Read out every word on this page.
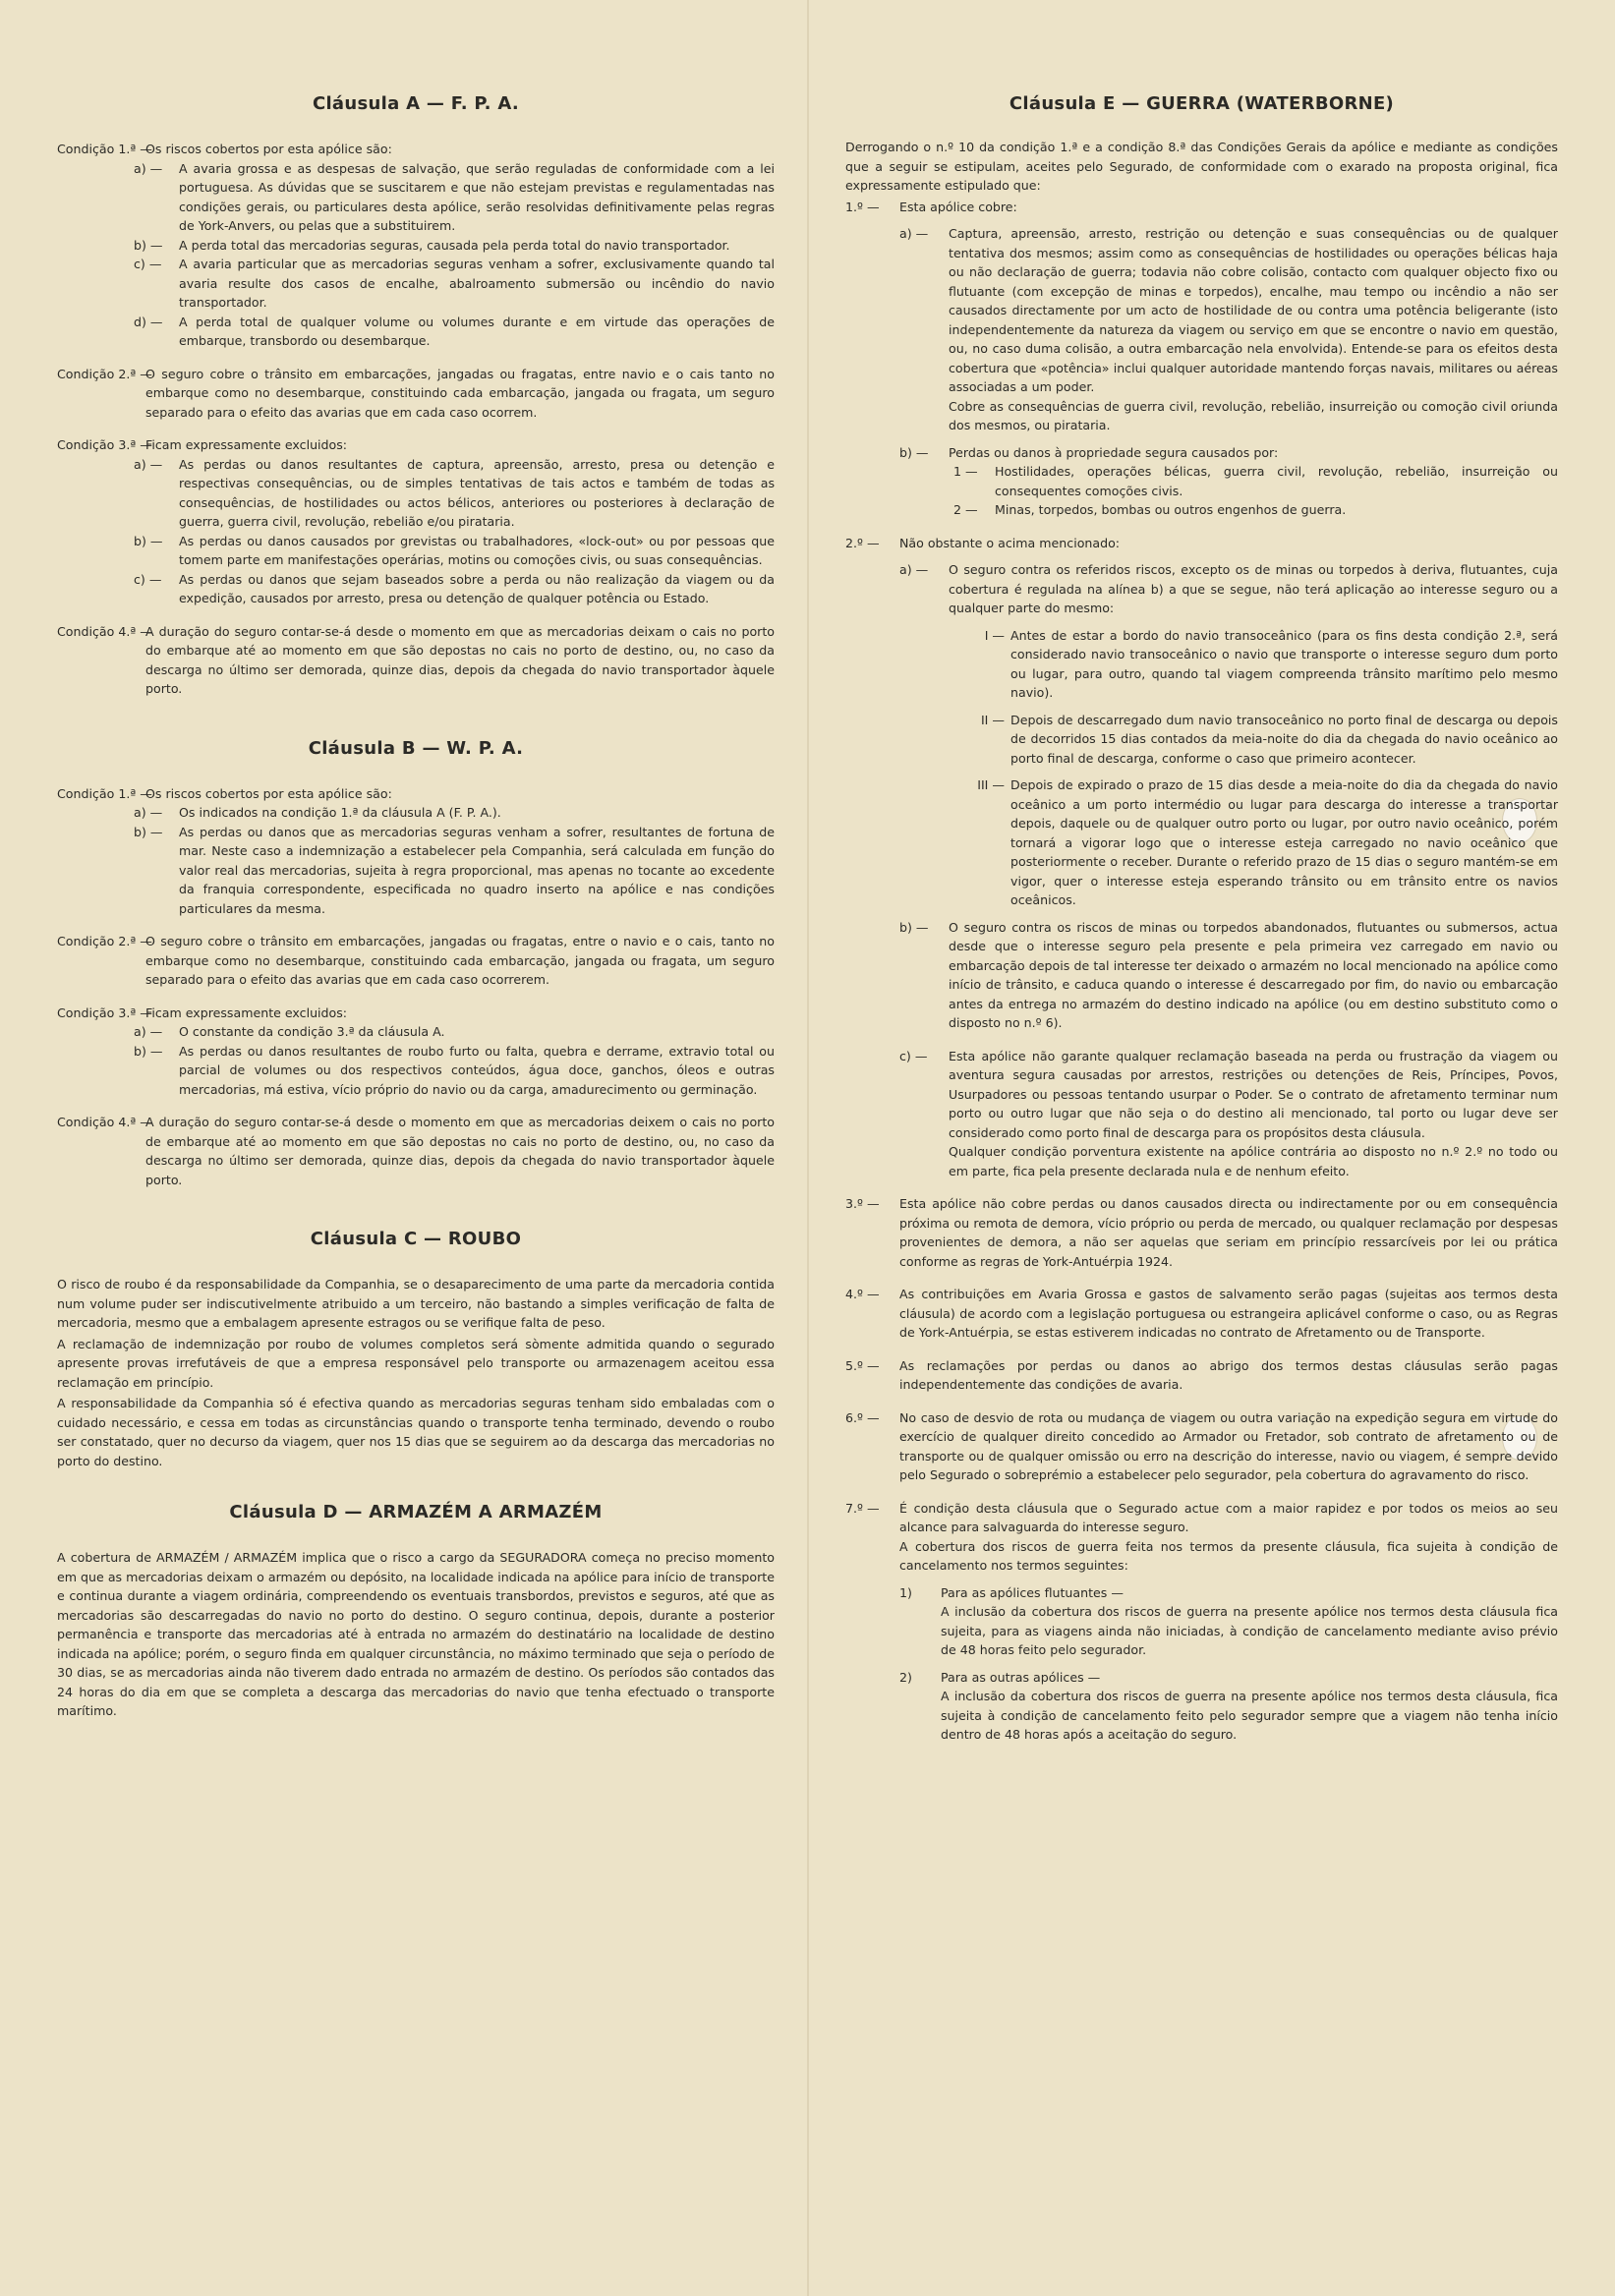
Cláusula A — F. P. A.
Condição 1.ª —
Os riscos cobertos por esta apólice são:
a) —	A avaria grossa e as despesas de salvação, que serão reguladas de conformidade com a lei portuguesa. As dúvidas que se suscitarem e que não estejam previstas e regulamentadas nas condições gerais, ou particulares desta apólice, serão resolvidas definitivamente pelas regras de York-Anvers, ou pelas que a substituirem.
b) —	A perda total das mercadorias seguras, causada pela perda total do navio transportador.
c) —	A avaria particular que as mercadorias seguras venham a sofrer, exclusivamente quando tal avaria resulte dos casos de encalhe, abalroamento submersão ou incêndio do navio transportador.
d) —	A perda total de qualquer volume ou volumes durante e em virtude das operações de embarque, transbordo ou desembarque.
Condição 2.ª —
O seguro cobre o trânsito em embarcações, jangadas ou fragatas, entre navio e o cais tanto no embarque como no desembarque, constituindo cada embarcação, jangada ou fragata, um seguro separado para o efeito das avarias que em cada caso ocorrem.
Condição 3.ª —
Ficam expressamente excluidos:
a) —	As perdas ou danos resultantes de captura, apreensão, arresto, presa ou detenção e respectivas consequências, ou de simples tentativas de tais actos e também de todas as consequências, de hostilidades ou actos bélicos, anteriores ou posteriores à declaração de guerra, guerra civil, revolução, rebelião e/ou pirataria.
b) —	As perdas ou danos causados por grevistas ou trabalhadores, «lock-out» ou por pessoas que tomem parte em manifestações operárias, motins ou comoções civis, ou suas consequências.
c) —	As perdas ou danos que sejam baseados sobre a perda ou não realização da viagem ou da expedição, causados por arresto, presa ou detenção de qualquer potência ou Estado.
Condição 4.ª —
A duração do seguro contar-se-á desde o momento em que as mercadorias deixam o cais no porto do embarque até ao momento em que são depostas no cais no porto de destino, ou, no caso da descarga no último ser demorada, quinze dias, depois da chegada do navio transportador àquele porto.
Cláusula B — W. P. A.
Condição 1.ª —
Os riscos cobertos por esta apólice são:
a) —	Os indicados na condição 1.ª da cláusula A (F. P. A.).
b) —	As perdas ou danos que as mercadorias seguras venham a sofrer, resultantes de fortuna de mar. Neste caso a indemnização a estabelecer pela Companhia, será calculada em função do valor real das mercadorias, sujeita à regra proporcional, mas apenas no tocante ao excedente da franquia correspondente, especificada no quadro inserto na apólice e nas condições particulares da mesma.
Condição 2.ª —
O seguro cobre o trânsito em embarcações, jangadas ou fragatas, entre o navio e o cais, tanto no embarque como no desembarque, constituindo cada embarcação, jangada ou fragata, um seguro separado para o efeito das avarias que em cada caso ocorrerem.
Condição 3.ª —
Ficam expressamente excluidos:
a) —	O constante da condição 3.ª da cláusula A.
b) —	As perdas ou danos resultantes de roubo furto ou falta, quebra e derrame, extravio total ou parcial de volumes ou dos respectivos conteúdos, água doce, ganchos, óleos e outras mercadorias, má estiva, vício próprio do navio ou da carga, amadurecimento ou germinação.
Condição 4.ª —
A duração do seguro contar-se-á desde o momento em que as mercadorias deixem o cais no porto de embarque até ao momento em que são depostas no cais no porto de destino, ou, no caso da descarga no último ser demorada, quinze dias, depois da chegada do navio transportador àquele porto.
Cláusula C — ROUBO

O risco de roubo é da responsabilidade da Companhia, se o desaparecimento de uma parte da mercadoria contida num volume puder ser indiscutivelmente atribuido a um terceiro, não bastando a simples verificação de falta de mercadoria, mesmo que a embalagem apresente estragos ou se verifique falta de peso.

A reclamação de indemnização por roubo de volumes completos será sòmente admitida quando o segurado apresente provas irrefutáveis de que a empresa responsável pelo transporte ou armazenagem aceitou essa reclamação em princípio.

A responsabilidade da Companhia só é efectiva quando as mercadorias seguras tenham sido embaladas com o cuidado necessário, e cessa em todas as circunstâncias quando o transporte tenha terminado, devendo o roubo ser constatado, quer no decurso da viagem, quer nos 15 dias que se seguirem ao da descarga das mercadorias no porto do destino.

Cláusula D — ARMAZÉM A ARMAZÉM

A cobertura de ARMAZÉM / ARMAZÉM implica que o risco a cargo da SEGURADORA começa no preciso momento em que as mercadorias deixam o armazém ou depósito, na localidade indicada na apólice para início de transporte e continua durante a viagem ordinária, compreendendo os eventuais transbordos, previstos e seguros, até que as mercadorias são descarregadas do navio no porto do destino. O seguro continua, depois, durante a posterior permanência e transporte das mercadorias até à entrada no armazém do destinatário na localidade de destino indicada na apólice; porém, o seguro finda em qualquer circunstância, no máximo terminado que seja o período de 30 dias, se as mercadorias ainda não tiverem dado entrada no armazém de destino. Os períodos são contados das 24 horas do dia em que se completa a descarga das mercadorias do navio que tenha efectuado o transporte marítimo.

Cláusula E — GUERRA (WATERBORNE)

Derrogando o n.º 10 da condição 1.ª e a condição 8.ª das Condições Gerais da apólice e mediante as condições que a seguir se estipulam, aceites pelo Segurado, de conformidade com o exarado na proposta original, fica expressamente estipulado que:

1.º —	Esta apólice cobre:
a) —	Captura, apreensão, arresto, restrição ou detenção e suas consequências ou de qualquer tentativa dos mesmos; assim como as consequências de hostilidades ou operações bélicas haja ou não declaração de guerra; todavia não cobre colisão, contacto com qualquer objecto fixo ou flutuante (com excepção de minas e torpedos), encalhe, mau tempo ou incêndio a não ser causados directamente por um acto de hostilidade de ou contra uma potência beligerante (isto independentemente da natureza da viagem ou serviço em que se encontre o navio em questão, ou, no caso duma colisão, a outra embarcação nela envolvida). Entende-se para os efeitos desta cobertura que «potência» inclui qualquer autoridade mantendo forças navais, militares ou aéreas associadas a um poder.
Cobre as consequências de guerra civil, revolução, rebelião, insurreição ou comoção civil oriunda dos mesmos, ou pirataria.
b) —	Perdas ou danos à propriedade segura causados por:
1 —	Hostilidades, operações bélicas, guerra civil, revolução, rebelião, insurreição ou consequentes comoções civis.
2 —	Minas, torpedos, bombas ou outros engenhos de guerra.
2.º —	Não obstante o acima mencionado:
a) —	O seguro contra os referidos riscos, excepto os de minas ou torpedos à deriva, flutuantes, cuja cobertura é regulada na alínea b) a que se segue, não terá aplicação ao interesse seguro ou a qualquer parte do mesmo:
I — Antes de estar a bordo do navio transoceânico (para os fins desta condição 2.ª, será considerado navio transoceânico o navio que transporte o interesse seguro dum porto ou lugar, para outro, quando tal viagem compreenda trânsito marítimo pelo mesmo navio).
II — Depois de descarregado dum navio transoceânico no porto final de descarga ou depois de decorridos 15 dias contados da meia-noite do dia da chegada do navio oceânico ao porto final de descarga, conforme o caso que primeiro acontecer.
III — Depois de expirado o prazo de 15 dias desde a meia-noite do dia da chegada do navio oceânico a um porto intermédio ou lugar para descarga do interesse a transportar depois, daquele ou de qualquer outro porto ou lugar, por outro navio oceânico, porém tornará a vigorar logo que o interesse esteja carregado no navio oceânico que posteriormente o receber. Durante o referido prazo de 15 dias o seguro mantém-se em vigor, quer o interesse esteja esperando trânsito ou em trânsito entre os navios oceânicos.
b) —	O seguro contra os riscos de minas ou torpedos abandonados, flutuantes ou submersos, actua desde que o interesse seguro pela presente e pela primeira vez carregado em navio ou embarcação depois de tal interesse ter deixado o armazém no local mencionado na apólice como início de trânsito, e caduca quando o interesse é descarregado por fim, do navio ou embarcação antes da entrega no armazém do destino indicado na apólice (ou em destino substituto como o disposto no n.º 6).
c) —	Esta apólice não garante qualquer reclamação baseada na perda ou frustração da viagem ou aventura segura causadas por arrestos, restrições ou detenções de Reis, Príncipes, Povos, Usurpadores ou pessoas tentando usurpar o Poder. Se o contrato de afretamento terminar num porto ou outro lugar que não seja o do destino ali mencionado, tal porto ou lugar deve ser considerado como porto final de descarga para os propósitos desta cláusula.
Qualquer condição porventura existente na apólice contrária ao disposto no n.º 2.º no todo ou em parte, fica pela presente declarada nula e de nenhum efeito.
3.º —	Esta apólice não cobre perdas ou danos causados directa ou indirectamente por ou em consequência próxima ou remota de demora, vício próprio ou perda de mercado, ou qualquer reclamação por despesas provenientes de demora, a não ser aquelas que seriam em princípio ressarcíveis por lei ou prática conforme as regras de York-Antuérpia 1924.
4.º —	As contribuições em Avaria Grossa e gastos de salvamento serão pagas (sujeitas aos termos desta cláusula) de acordo com a legislação portuguesa ou estrangeira aplicável conforme o caso, ou as Regras de York-Antuérpia, se estas estiverem indicadas no contrato de Afretamento ou de Transporte.
5.º —	As reclamações por perdas ou danos ao abrigo dos termos destas cláusulas serão pagas independentemente das condições de avaria.
6.º —	No caso de desvio de rota ou mudança de viagem ou outra variação na expedição segura em virtude do exercício de qualquer direito concedido ao Armador ou Fretador, sob contrato de afretamento ou de transporte ou de qualquer omissão ou erro na descrição do interesse, navio ou viagem, é sempre devido pelo Segurado o sobreprémio a estabelecer pelo segurador, pela cobertura do agravamento do risco.
7.º —	É condição desta cláusula que o Segurado actue com a maior rapidez e por todos os meios ao seu alcance para salvaguarda do interesse seguro.
A cobertura dos riscos de guerra feita nos termos da presente cláusula, fica sujeita à condição de cancelamento nos termos seguintes:
1)	Para as apólices flutuantes —
A inclusão da cobertura dos riscos de guerra na presente apólice nos termos desta cláusula fica sujeita, para as viagens ainda não iniciadas, à condição de cancelamento mediante aviso prévio de 48 horas feito pelo segurador.
2)	Para as outras apólices —
A inclusão da cobertura dos riscos de guerra na presente apólice nos termos desta cláusula, fica sujeita à condição de cancelamento feito pelo segurador sempre que a viagem não tenha início dentro de 48 horas após a aceitação do seguro.
